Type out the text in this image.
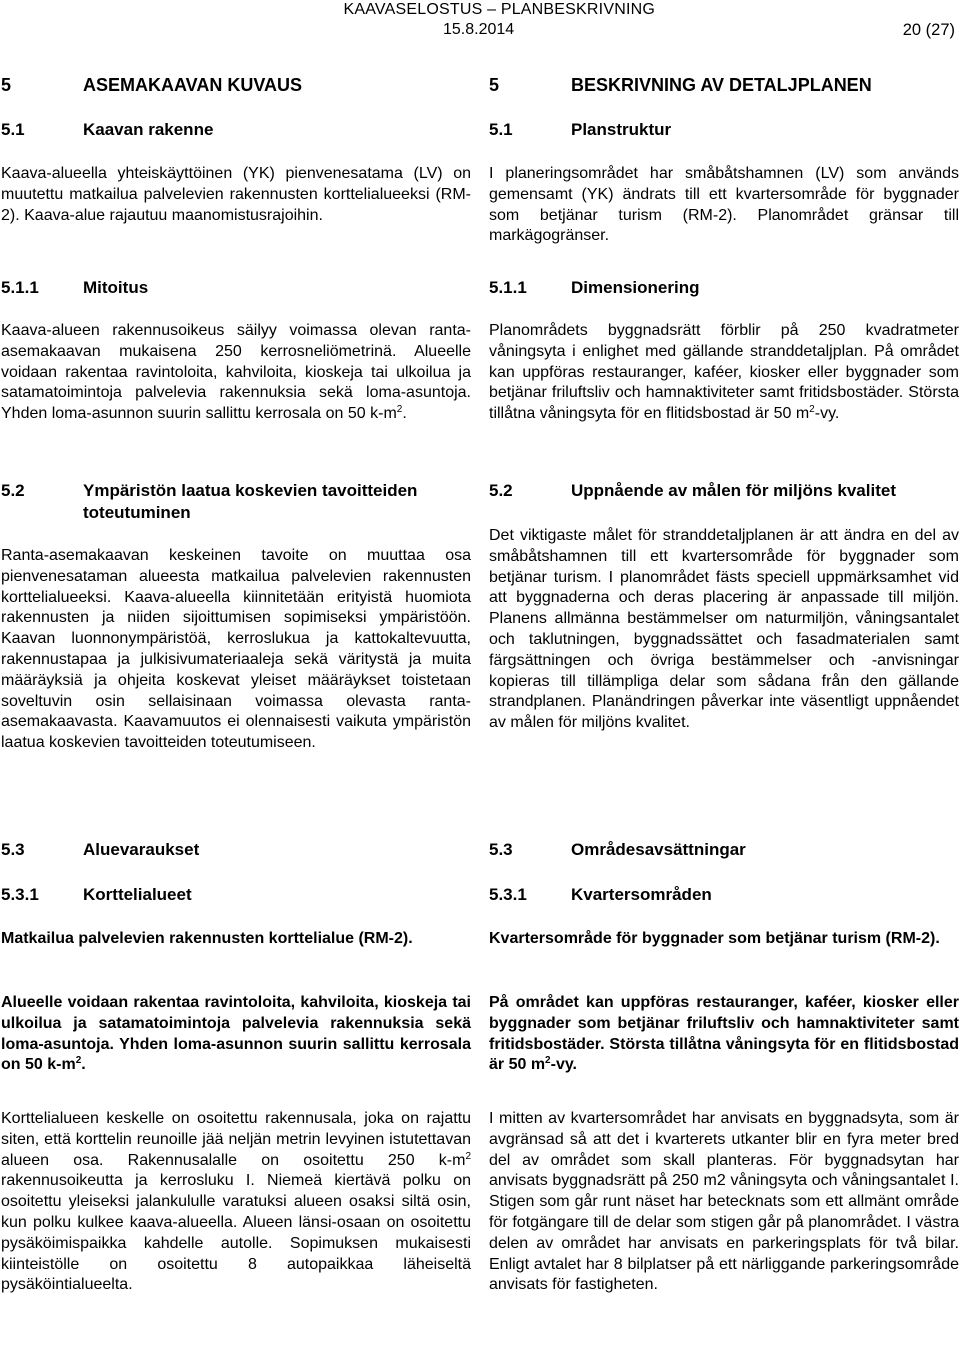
KAAVASELOSTUS – PLANBESKRIVNING
15.8.2014	20 (27)
5	ASEMAKAAVAN KUVAUS
5.1	Kaavan rakenne
Kaava-alueella yhteiskäyttöinen (YK) pienvenesatama (LV) on muutettu matkailua palvelevien rakennusten korttelialueeksi (RM-2). Kaava-alue rajautuu maanomistusrajoihin.
5.1.1	Mitoitus
Kaava-alueen rakennusoikeus säilyy voimassa olevan ranta-asemakaavan mukaisena 250 kerrosneliömetrinä. Alueelle voidaan rakentaa ravintoloita, kahviloita, kioskeja tai ulkoilua ja satamatoimintoja palvelevia rakennuksia sekä loma-asuntoja. Yhden loma-asunnon suurin sallittu kerrosala on 50 $k-m^2$.
5.2	Ympäristön laatua koskevien tavoitteiden toteutuminen
Ranta-asemakaavan keskeinen tavoite on muuttaa osa pienvenesataman alueesta matkailua palvelevien rakennusten korttelialueeksi. Kaava-alueella kiinnitetään erityistä huomiota rakennusten ja niiden sijoittumisen sopimiseksi ympäristöön. Kaavan luonnonympäristöä, kerroslukua ja kattokaltevuutta, rakennustapaa ja julkisivumateriaaleja sekä väritystä ja muita määräyksiä ja ohjeita koskevat yleiset määräykset toistetaan soveltuvin osin sellaisinaan voimassa olevasta ranta-asemakaavasta. Kaavamuutos ei olennaisesti vaikuta ympäristön laatua koskevien tavoitteiden toteutumiseen.
5.3	Aluevaraukset
5.3.1	Korttelialueet
Matkailua palvelevien rakennusten korttelialue (RM-2).
Alueelle voidaan rakentaa ravintoloita, kahviloita, kioskeja tai ulkoilua ja satamatoimintoja palvelevia rakennuksia sekä loma-asuntoja. Yhden loma-asunnon suurin sallittu kerrosala on 50 $k-m^2$.
Korttelialueen keskelle on osoitettu rakennusala, joka on rajattu siten, että korttelin reunoille jää neljän metrin levyinen istutettavan alueen osa. Rakennusalalle on osoitettu 250 $k-m^2$ rakennusoikeutta ja kerrosluku I. Niemeä kiertävä polku on osoitettu yleiseksi jalankululle varatuksi alueen osaksi siltä osin, kun polku kulkee kaava-alueella. Alueen länsi-osaan on osoitettu pysäköimispaikka kahdelle autolle. Sopimuksen mukaisesti kiinteistölle on osoitettu 8 autopaikkaa läheiseltä pysäköintialueelta.
5	BESKRIVNING AV DETALJPLANEN
5.1	Planstruktur
I planeringsområdet har småbåtshamnen (LV) som används gemensamt (YK) ändrats till ett kvartersområde för byggnader som betjänar turism (RM-2). Planområdet gränsar till markägogränser.
5.1.1	Dimensionering
Planområdets byggnadsrätt förblir på 250 kvadratmeter våningsyta i enlighet med gällande stranddetaljplan. På området kan uppföras restauranger, kaféer, kiosker eller byggnader som betjänar friluftsliv och hamnaktiviteter samt fritidsbostäder. Största tillåtna våningsyta för en flitidsbostad är 50 $m^2-vy$.
5.2	Uppnående av målen för miljöns kvalitet
Det viktigaste målet för stranddetaljplanen är att ändra en del av småbåtshamnen till ett kvartersområde för byggnader som betjänar turism. I planområdet fästs speciell uppmärksamhet vid att byggnaderna och deras placering är anpassade till miljön. Planens allmänna bestämmelser om naturmiljön, våningsantalet och taklutningen, byggnadssättet och fasadmaterialen samt färgsättningen och övriga bestämmelser och -anvisningar kopieras till tillämpliga delar som sådana från den gällande strandplanen. Planändringen påverkar inte väsentligt uppnåendet av målen för miljöns kvalitet.
5.3	Områdesavsättningar
5.3.1	Kvartersområden
Kvartersområde för byggnader som betjänar turism (RM-2).
På området kan uppföras restauranger, kaféer, kiosker eller byggnader som betjänar friluftsliv och hamnaktiviteter samt fritidsbostäder. Största tillåtna våningsyta för en flitidsbostad är 50 $m^2-vy$.
I mitten av kvartersområdet har anvisats en byggnadsyta, som är avgränsad så att det i kvarterets utkanter blir en fyra meter bred del av området som skall planteras. För byggnadsytan har anvisats byggnadsrätt på 250 m2 våningsyta och våningsantalet I. Stigen som går runt näset har betecknats som ett allmänt område för fotgängare till de delar som stigen går på planområdet. I västra delen av området har anvisats en parkeringsplats för två bilar. Enligt avtalet har 8 bilplatser på ett närliggande parkeringsområde anvisats för fastigheten.
